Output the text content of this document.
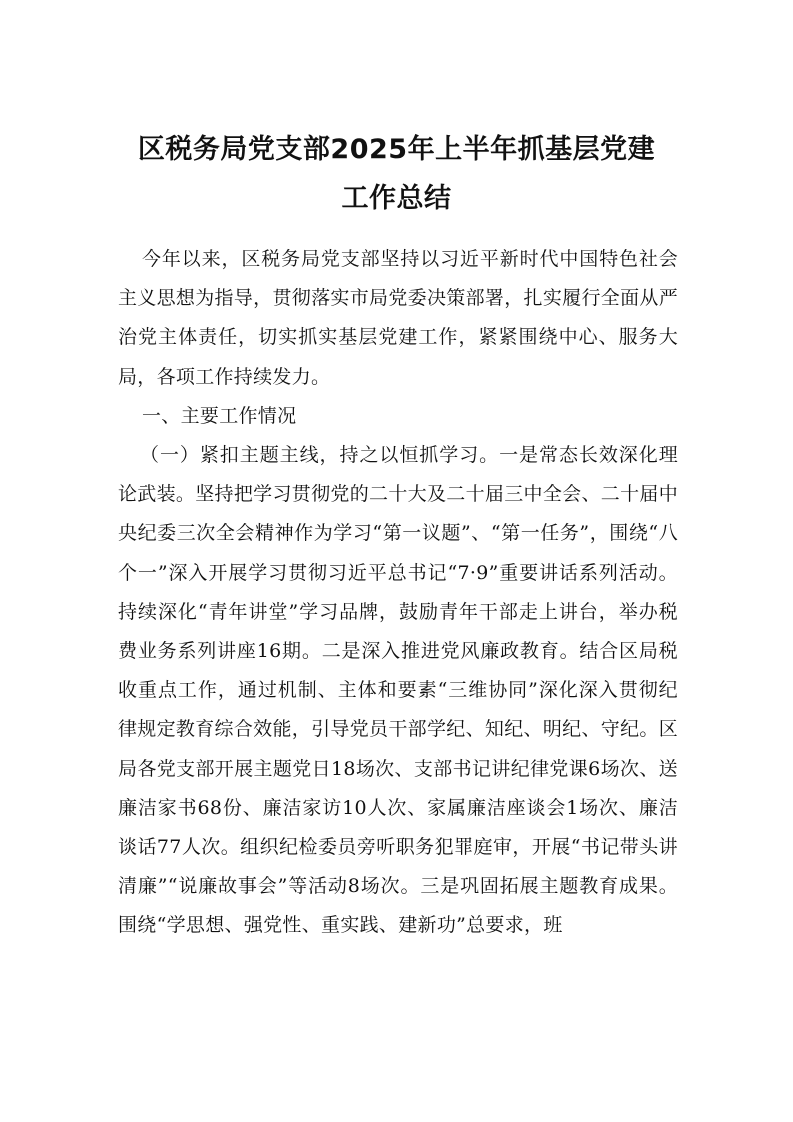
区税务局党支部2025年上半年抓基层党建
工作总结

今年以来，区税务局党支部坚持以习近平新时代中国特色社会主义思想为指导，贯彻落实市局党委决策部署，扎实履行全面从严治党主体责任，切实抓实基层党建工作，紧紧围绕中心、服务大局，各项工作持续发力。

一、主要工作情况

（一）紧扣主题主线，持之以恒抓学习。一是常态长效深化理论武装。坚持把学习贯彻党的二十大及二十届三中全会、二十届中央纪委三次全会精神作为学习“第一议题”、“第一任务”，围绕“八个一”深入开展学习贯彻习近平总书记“7·9”重要讲话系列活动。持续深化“青年讲堂”学习品牌，鼓励青年干部走上讲台，举办税费业务系列讲座16期。二是深入推进党风廉政教育。结合区局税收重点工作，通过机制、主体和要素“三维协同”深化深入贯彻纪律规定教育综合效能，引导党员干部学纪、知纪、明纪、守纪。区局各党支部开展主题党日18场次、支部书记讲纪律党课6场次、送廉洁家书68份、廉洁家访10人次、家属廉洁座谈会1场次、廉洁谈话77人次。组织纪检委员旁听职务犯罪庭审，开展“书记带头讲清廉”“说廉故事会”等活动8场次。三是巩固拓展主题教育成果。围绕“学思想、强党性、重实践、建新功”总要求，班
